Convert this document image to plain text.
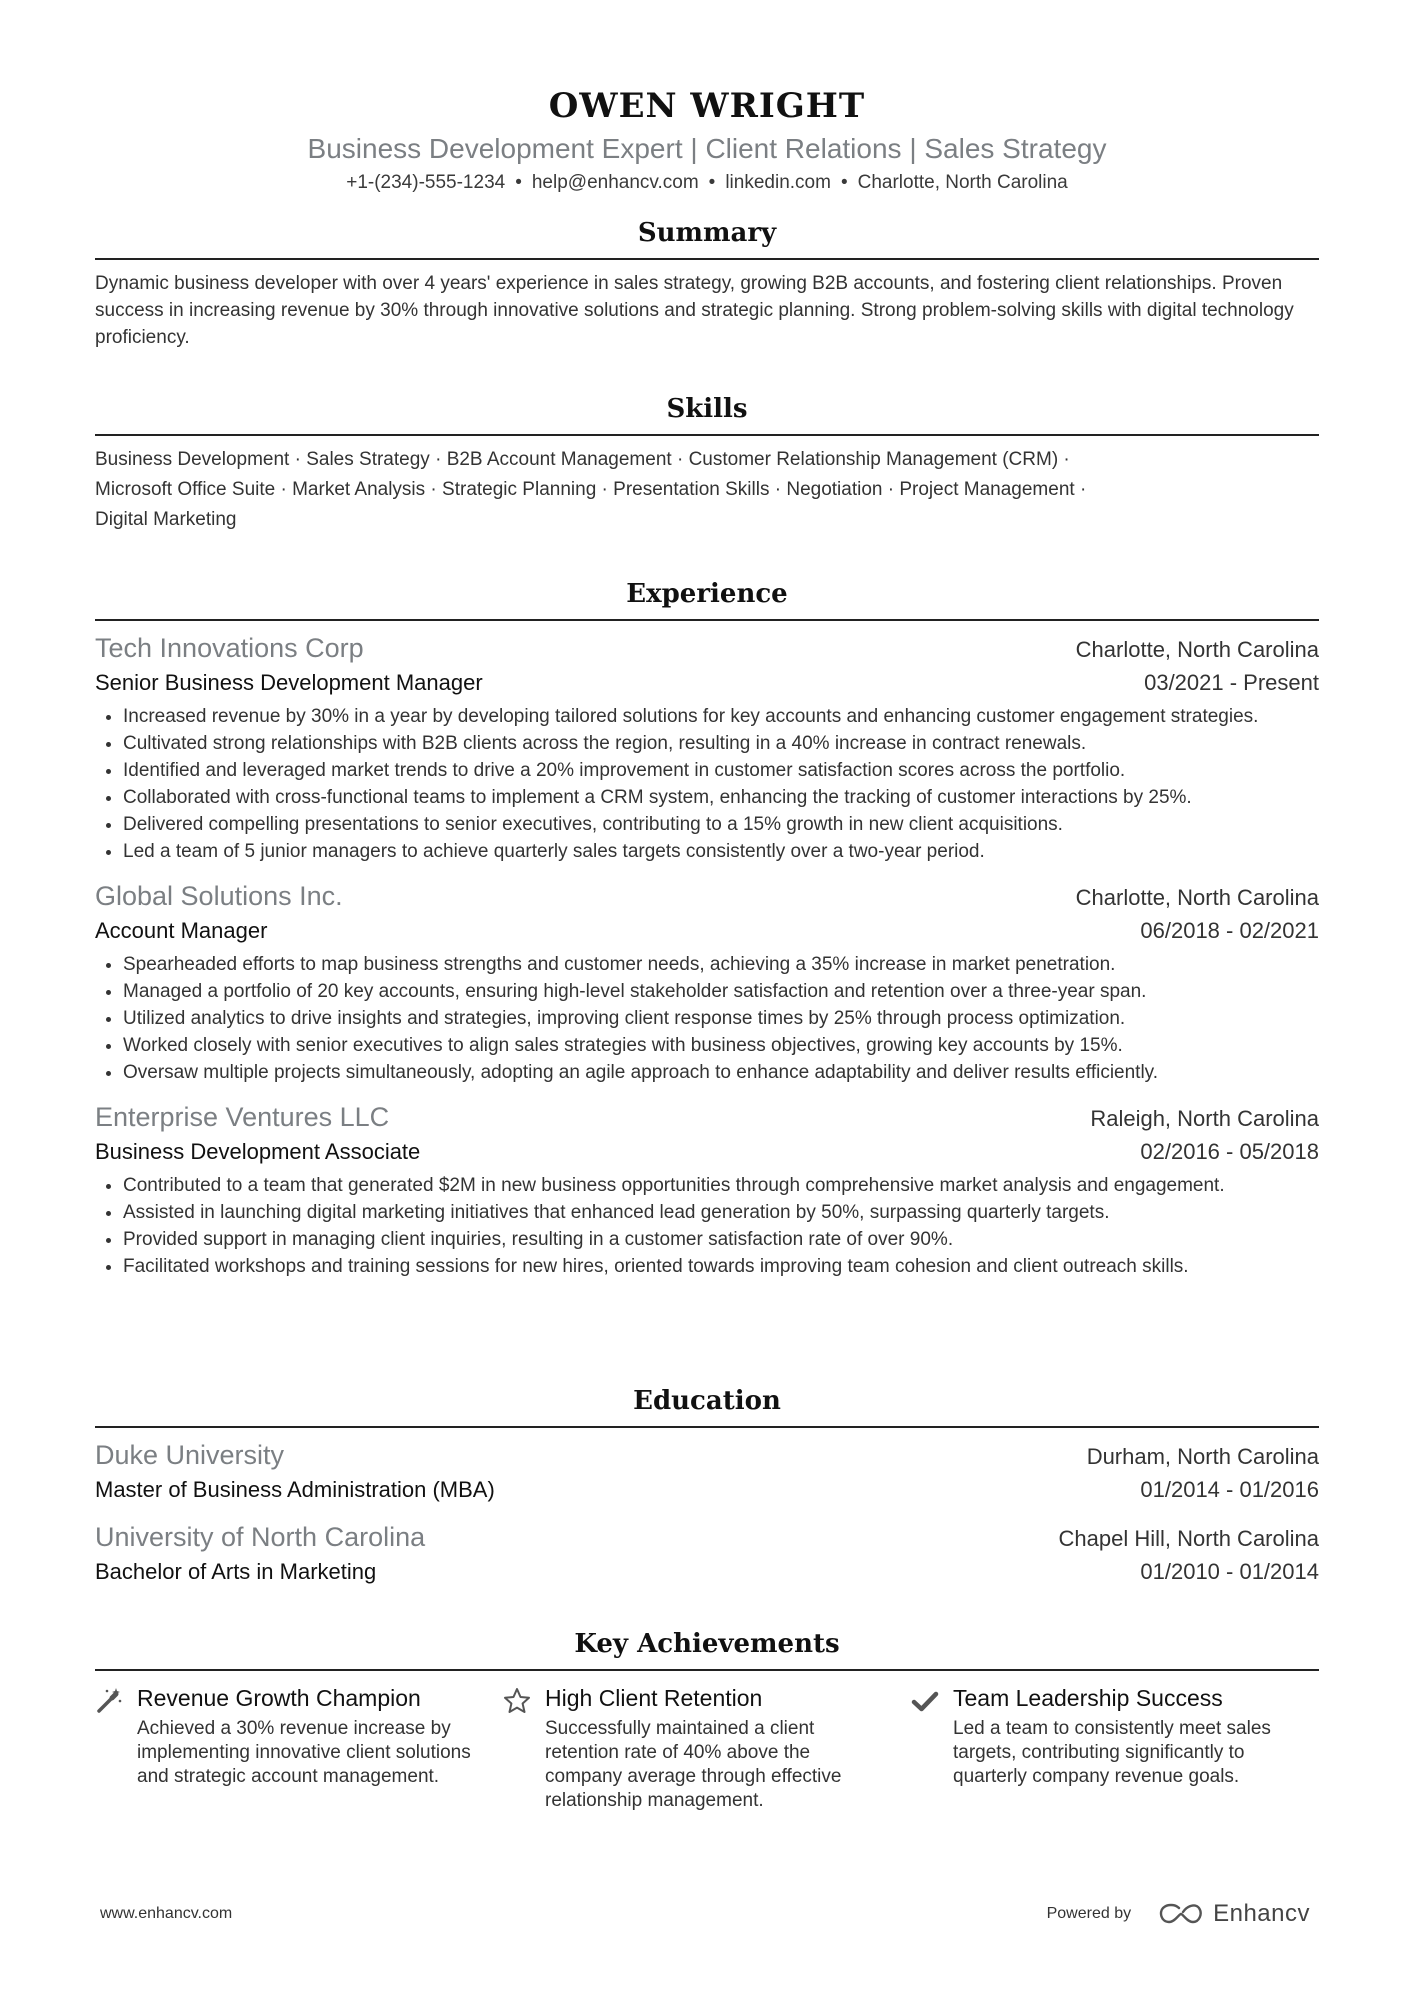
OWEN WRIGHT
Business Development Expert | Client Relations | Sales Strategy
+1-(234)-555-1234 • help@enhancv.com • linkedin.com • Charlotte, North Carolina
Summary
Dynamic business developer with over 4 years' experience in sales strategy, growing B2B accounts, and fostering client relationships. Proven success in increasing revenue by 30% through innovative solutions and strategic planning. Strong problem-solving skills with digital technology proficiency.
Skills
Business Development · Sales Strategy · B2B Account Management · Customer Relationship Management (CRM) ·
Microsoft Office Suite · Market Analysis · Strategic Planning · Presentation Skills · Negotiation · Project Management ·
Digital Marketing
Experience
Tech Innovations Corp	Charlotte, North Carolina
Senior Business Development Manager	03/2021 - Present
• Increased revenue by 30% in a year by developing tailored solutions for key accounts and enhancing customer engagement strategies.
• Cultivated strong relationships with B2B clients across the region, resulting in a 40% increase in contract renewals.
• Identified and leveraged market trends to drive a 20% improvement in customer satisfaction scores across the portfolio.
• Collaborated with cross-functional teams to implement a CRM system, enhancing the tracking of customer interactions by 25%.
• Delivered compelling presentations to senior executives, contributing to a 15% growth in new client acquisitions.
• Led a team of 5 junior managers to achieve quarterly sales targets consistently over a two-year period.
Global Solutions Inc.	Charlotte, North Carolina
Account Manager	06/2018 - 02/2021
• Spearheaded efforts to map business strengths and customer needs, achieving a 35% increase in market penetration.
• Managed a portfolio of 20 key accounts, ensuring high-level stakeholder satisfaction and retention over a three-year span.
• Utilized analytics to drive insights and strategies, improving client response times by 25% through process optimization.
• Worked closely with senior executives to align sales strategies with business objectives, growing key accounts by 15%.
• Oversaw multiple projects simultaneously, adopting an agile approach to enhance adaptability and deliver results efficiently.
Enterprise Ventures LLC	Raleigh, North Carolina
Business Development Associate	02/2016 - 05/2018
• Contributed to a team that generated $2M in new business opportunities through comprehensive market analysis and engagement.
• Assisted in launching digital marketing initiatives that enhanced lead generation by 50%, surpassing quarterly targets.
• Provided support in managing client inquiries, resulting in a customer satisfaction rate of over 90%.
• Facilitated workshops and training sessions for new hires, oriented towards improving team cohesion and client outreach skills.
Education
Duke University	Durham, North Carolina
Master of Business Administration (MBA)	01/2014 - 01/2016
University of North Carolina	Chapel Hill, North Carolina
Bachelor of Arts in Marketing	01/2010 - 01/2014
Key Achievements
Revenue Growth Champion
Achieved a 30% revenue increase by implementing innovative client solutions and strategic account management.
High Client Retention
Successfully maintained a client retention rate of 40% above the company average through effective relationship management.
Team Leadership Success
Led a team to consistently meet sales targets, contributing significantly to quarterly company revenue goals.
www.enhancv.com	Powered by	Enhancv
